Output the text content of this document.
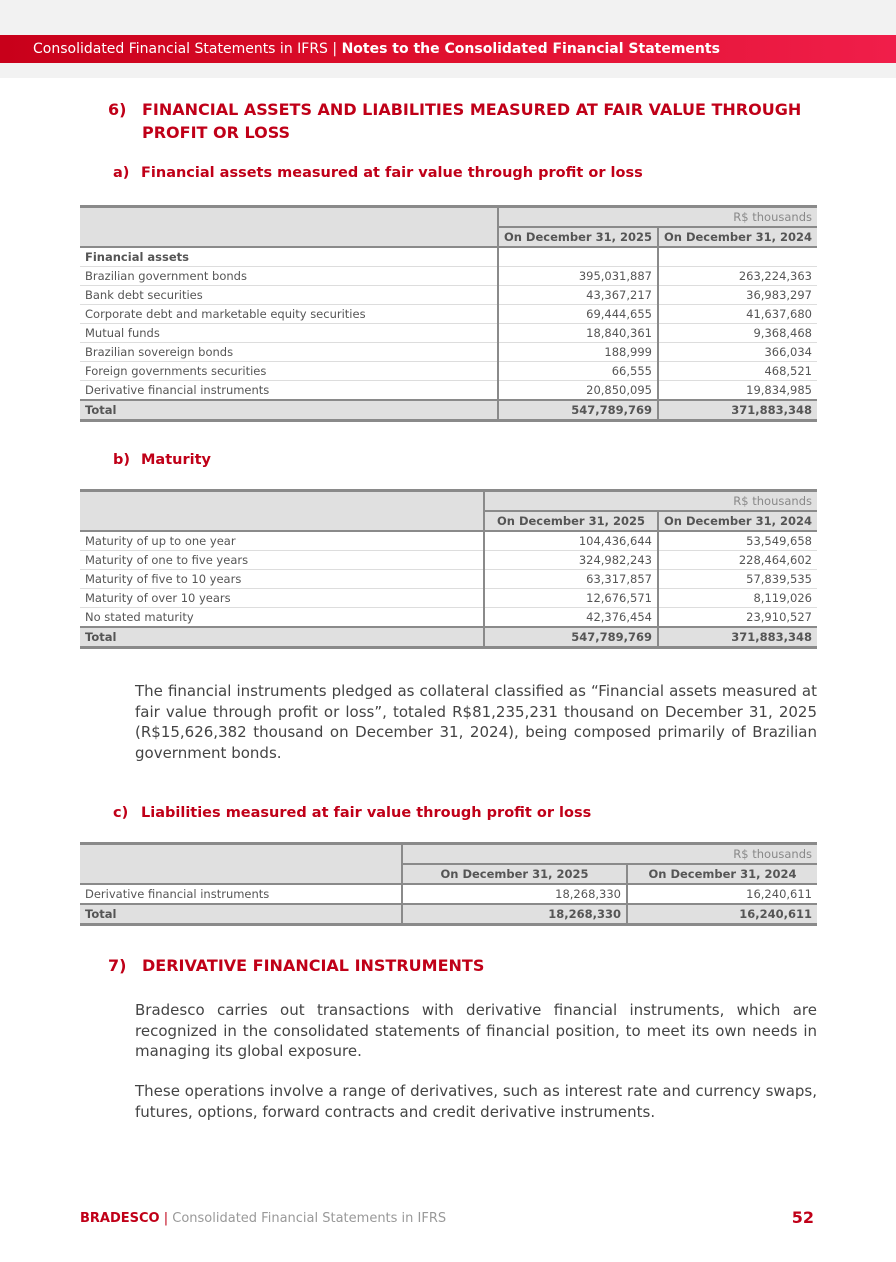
Consolidated Financial Statements in IFRS | Notes to the Consolidated Financial Statements
6) FINANCIAL ASSETS AND LIABILITIES MEASURED AT FAIR VALUE THROUGH PROFIT OR LOSS
a) Financial assets measured at fair value through profit or loss
	R$ thousands	
	On December 31, 2025	On December 31, 2024
Financial assets		
Brazilian government bonds	395,031,887	263,224,363
Bank debt securities	43,367,217	36,983,297
Corporate debt and marketable equity securities	69,444,655	41,637,680
Mutual funds	18,840,361	9,368,468
Brazilian sovereign bonds	188,999	366,034
Foreign governments securities	66,555	468,521
Derivative financial instruments	20,850,095	19,834,985
Total	547,789,769	371,883,348
b) Maturity
	R$ thousands	
	On December 31, 2025	On December 31, 2024
Maturity of up to one year	104,436,644	53,549,658
Maturity of one to five years	324,982,243	228,464,602
Maturity of five to 10 years	63,317,857	57,839,535
Maturity of over 10 years	12,676,571	8,119,026
No stated maturity	42,376,454	23,910,527
Total	547,789,769	371,883,348
The financial instruments pledged as collateral classified as “Financial assets measured at fair value through profit or loss”, totaled R$81,235,231 thousand on December 31, 2025 (R$15,626,382 thousand on December 31, 2024), being composed primarily of Brazilian government bonds.
c) Liabilities measured at fair value through profit or loss
	R$ thousands	
	On December 31, 2025	On December 31, 2024
Derivative financial instruments	18,268,330	16,240,611
Total	18,268,330	16,240,611
7) DERIVATIVE FINANCIAL INSTRUMENTS
Bradesco carries out transactions with derivative financial instruments, which are recognized in the consolidated statements of financial position, to meet its own needs in managing its global exposure.
These operations involve a range of derivatives, such as interest rate and currency swaps, futures, options, forward contracts and credit derivative instruments.
BRADESCO | Consolidated Financial Statements in IFRS	52
